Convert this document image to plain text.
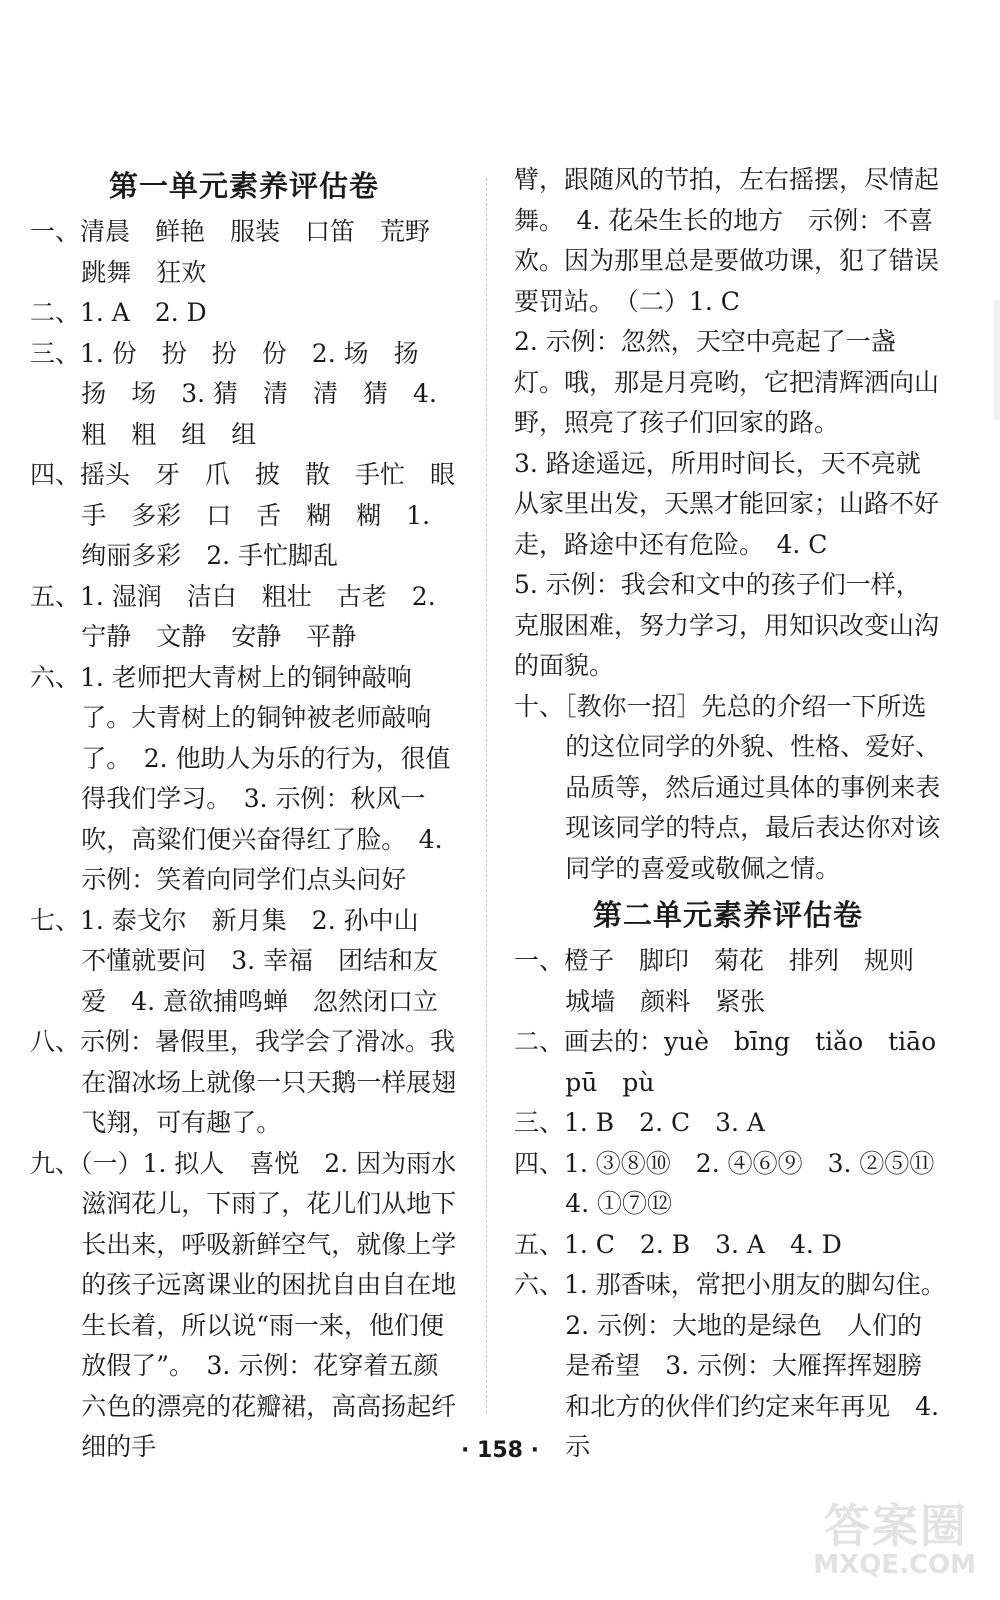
第一单元素养评估卷
一、清晨　鲜艳　服装　口笛　荒野　跳舞　狂欢
二、1. A　2. D
三、1. 份　扮　扮　份　2. 场　扬　扬　场　3. 猜　清　清　猜　4. 粗　粗　组　组
四、摇头　牙　爪　披　散　手忙　眼　手　多彩　口　舌　糊　糊　1. 绚丽多彩　2. 手忙脚乱
五、1. 湿润　洁白　粗壮　古老　2. 宁静　文静　安静　平静
六、1. 老师把大青树上的铜钟敲响了。大青树上的铜钟被老师敲响了。　2. 他助人为乐的行为，很值得我们学习。　3. 示例：秋风一吹，高粱们便兴奋得红了脸。　4. 示例：笑着向同学们点头问好
七、1. 泰戈尔　新月集　2. 孙中山　不懂就要问　3. 幸福　团结和友爱　4. 意欲捕鸣蝉　忽然闭口立
八、示例：暑假里，我学会了滑冰。我在溜冰场上就像一只天鹅一样展翅飞翔，可有趣了。
九、（一）1. 拟人　喜悦　2. 因为雨水滋润花儿，下雨了，花儿们从地下长出来，呼吸新鲜空气，就像上学的孩子远离课业的困扰自由自在地生长着，所以说“雨一来，他们便放假了”。　3. 示例：花穿着五颜六色的漂亮的花瓣裙，高高扬起纤细的手
臂，跟随风的节拍，左右摇摆，尽情起舞。　4. 花朵生长的地方　示例：不喜欢。因为那里总是要做功课，犯了错误要罚站。　（二）1. C
2. 示例：忽然，天空中亮起了一盏灯。哦，那是月亮哟，它把清辉洒向山野，照亮了孩子们回家的路。
3. 路途遥远，所用时间长，天不亮就从家里出发，天黑才能回家；山路不好走，路途中还有危险。　4. C
5. 示例：我会和文中的孩子们一样，克服困难，努力学习，用知识改变山沟的面貌。
十、［教你一招］先总的介绍一下所选的这位同学的外貌、性格、爱好、品质等，然后通过具体的事例来表现该同学的特点，最后表达你对该同学的喜爱或敬佩之情。
第二单元素养评估卷
一、橙子　脚印　菊花　排列　规则　城墙　颜料　紧张
二、画去的：yuè　bīng　tiǎo　tiāo　pū　pù
三、1. B　2. C　3. A
四、1. ③⑧⑩　2. ④⑥⑨　3. ②⑤⑪　4. ①⑦⑫
五、1. C　2. B　3. A　4. D
六、1. 那香味，常把小朋友的脚勾住。　2. 示例：大地的是绿色　人们的是希望　3. 示例：大雁挥挥翅膀　和北方的伙伴们约定来年再见　4. 示
· 158 ·
答案圈
MXQE.COM
